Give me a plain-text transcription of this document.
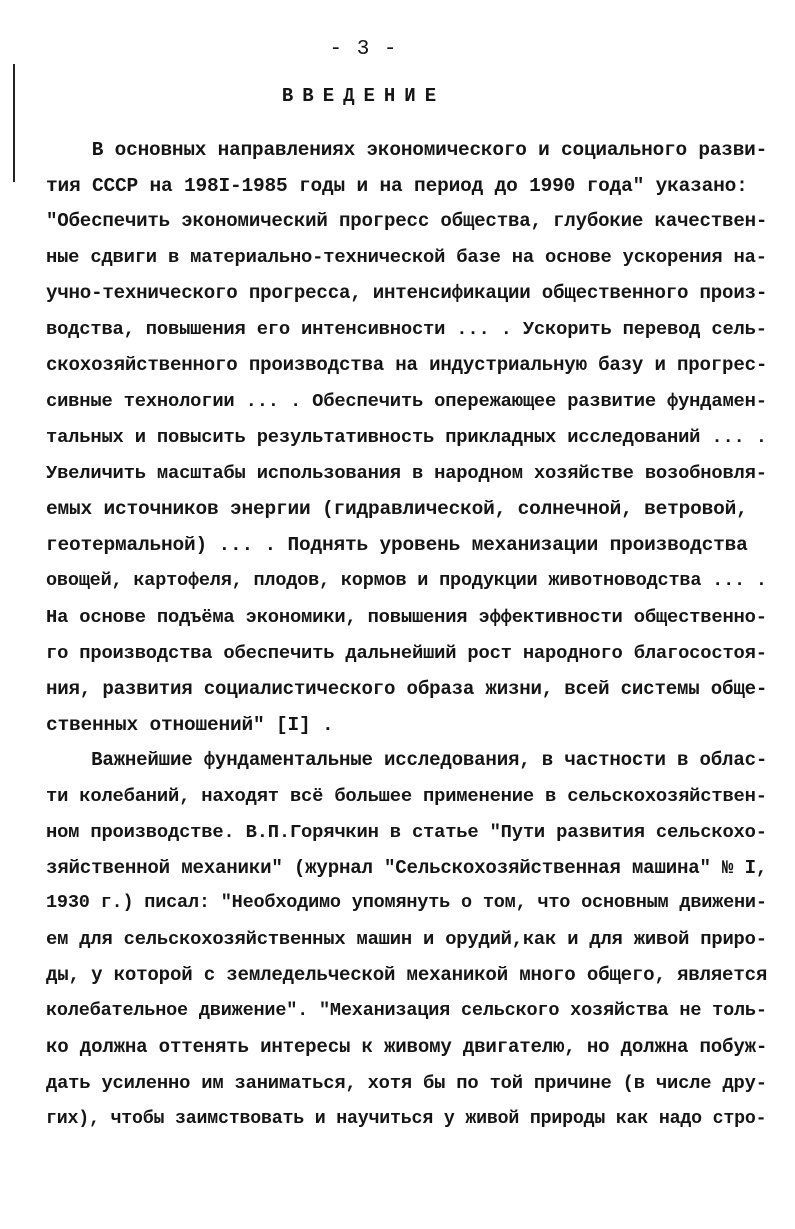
- 3 -
ВВЕДЕНИЕ
В основных направлениях экономического и социального разви-
тия СССР на 198I-1985 годы и на период до 1990 года" указано:
"Обеспечить экономический прогресс общества, глубокие качествен-
ные сдвиги в материально-технической базе на основе ускорения на-
учно-технического прогресса, интенсификации общественного произ-
водства, повышения его интенсивности ... . Ускорить перевод сель-
скохозяйственного производства на индустриальную базу и прогрес-
сивные технологии ... . Обеспечить опережающее развитие фундамен-
тальных и повысить результативность прикладных исследований ... .
Увеличить масштабы использования в народном хозяйстве возобновля-
емых источников энергии (гидравлической, солнечной, ветровой,
геотермальной) ... . Поднять уровень механизации производства
овощей, картофеля, плодов, кормов и продукции животноводства ... .
На основе подъёма экономики, повышения эффективности общественно-
го производства обеспечить дальнейший рост народного благосостоя-
ния, развития социалистического образа жизни, всей системы обще-
ственных отношений" [I] .
Важнейшие фундаментальные исследования, в частности в облас-
ти колебаний, находят всё большее применение в сельскохозяйствен-
ном производстве. В.П.Горячкин в статье "Пути развития сельскохо-
зяйственной механики" (журнал "Сельскохозяйственная машина" № I,
1930 г.) писал: "Необходимо упомянуть о том, что основным движени-
ем для сельскохозяйственных машин и орудий,как и для живой приро-
ды, у которой с земледельческой механикой много общего, является
колебательное движение". "Механизация сельского хозяйства не толь-
ко должна оттенять интересы к живому двигателю, но должна побуж-
дать усиленно им заниматься, хотя бы по той причине (в числе дру-
гих), чтобы заимствовать и научиться у живой природы как надо стро-
